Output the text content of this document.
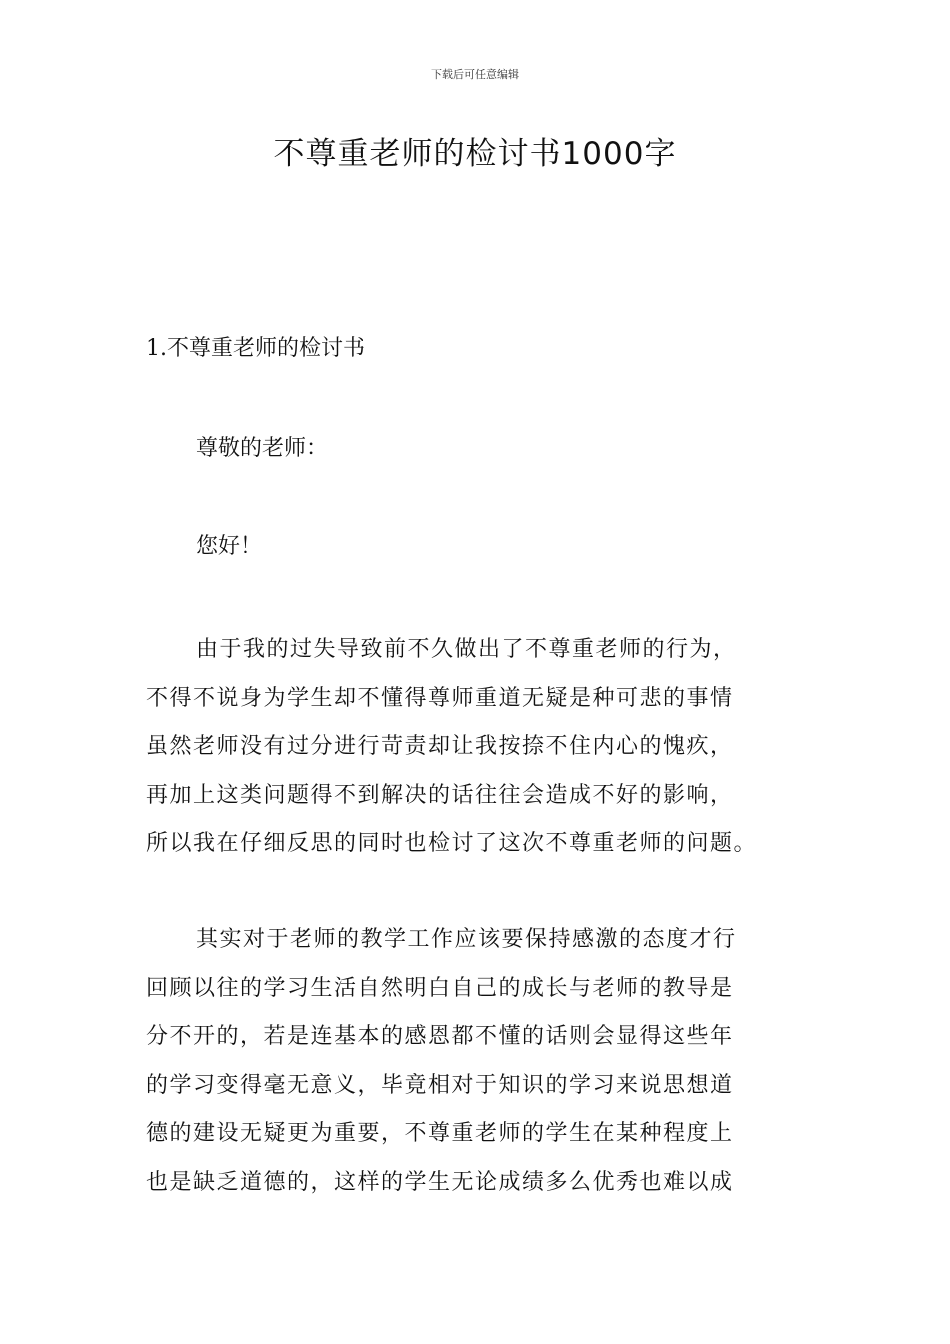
下载后可任意编辑
不尊重老师的检讨书1000字
1.不尊重老师的检讨书
尊敬的老师：
您好！
由于我的过失导致前不久做出了不尊重老师的行为，
不得不说身为学生却不懂得尊师重道无疑是种可悲的事情
虽然老师没有过分进行苛责却让我按捺不住内心的愧疚，
再加上这类问题得不到解决的话往往会造成不好的影响，
所以我在仔细反思的同时也检讨了这次不尊重老师的问题。
其实对于老师的教学工作应该要保持感激的态度才行
回顾以往的学习生活自然明白自己的成长与老师的教导是
分不开的，若是连基本的感恩都不懂的话则会显得这些年
的学习变得毫无意义，毕竟相对于知识的学习来说思想道
德的建设无疑更为重要，不尊重老师的学生在某种程度上
也是缺乏道德的，这样的学生无论成绩多么优秀也难以成
